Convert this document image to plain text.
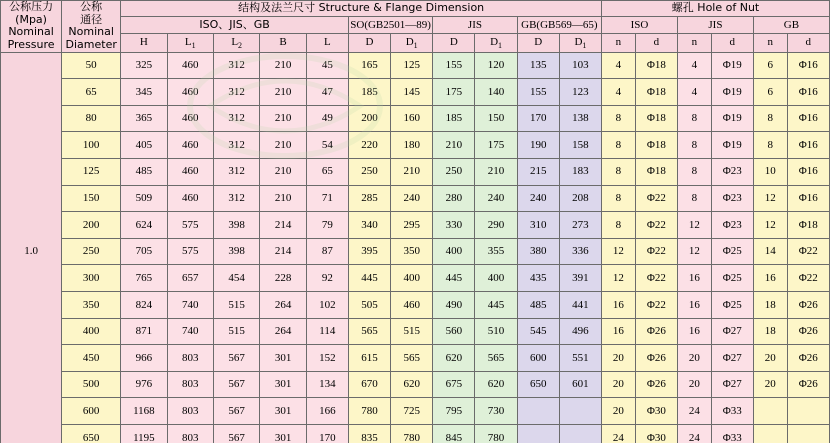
公称压力
(Mpa)
Nominal
Pressure

公称
通径
Nominal
Diameter
	结构及法兰尺寸 Structure & Flange Dimension	螺孔 Hole of Nut
		ISO、JIS、GB					SO(GB2501—89)		JIS		GB(GB569—65)		ISO		JIS		GB	
		H	$L_1$	$L_2$	B	L	D	$D_1$	D	$D_1$	D	$D_1$	n	d	n	d	n	d
1.0	50	325	460	312	210	45	165	125	155	120	135	103	4	Φ18	4	Φ19	6	Φ16
	65	345	460	312	210	47	185	145	175	140	155	123	4	Φ18	4	Φ19	6	Φ16
	80	365	460	312	210	49	200	160	185	150	170	138	8	Φ18	8	Φ19	8	Φ16
	100	405	460	312	210	54	220	180	210	175	190	158	8	Φ18	8	Φ19	8	Φ16
	125	485	460	312	210	65	250	210	250	210	215	183	8	Φ18	8	Φ23	10	Φ16
	150	509	460	312	210	71	285	240	280	240	240	208	8	Φ22	8	Φ23	12	Φ16
	200	624	575	398	214	79	340	295	330	290	310	273	8	Φ22	12	Φ23	12	Φ18
	250	705	575	398	214	87	395	350	400	355	380	336	12	Φ22	12	Φ25	14	Φ22
	300	765	657	454	228	92	445	400	445	400	435	391	12	Φ22	16	Φ25	16	Φ22
	350	824	740	515	264	102	505	460	490	445	485	441	16	Φ22	16	Φ25	18	Φ26
	400	871	740	515	264	114	565	515	560	510	545	496	16	Φ26	16	Φ27	18	Φ26
	450	966	803	567	301	152	615	565	620	565	600	551	20	Φ26	20	Φ27	20	Φ26
	500	976	803	567	301	134	670	620	675	620	650	601	20	Φ26	20	Φ27	20	Φ26
	600	1168	803	567	301	166	780	725	795	730			20	Φ30	24	Φ33		
	650	1195	803	567	301	170	835	780	845	780			24	Φ30	24	Φ33		
